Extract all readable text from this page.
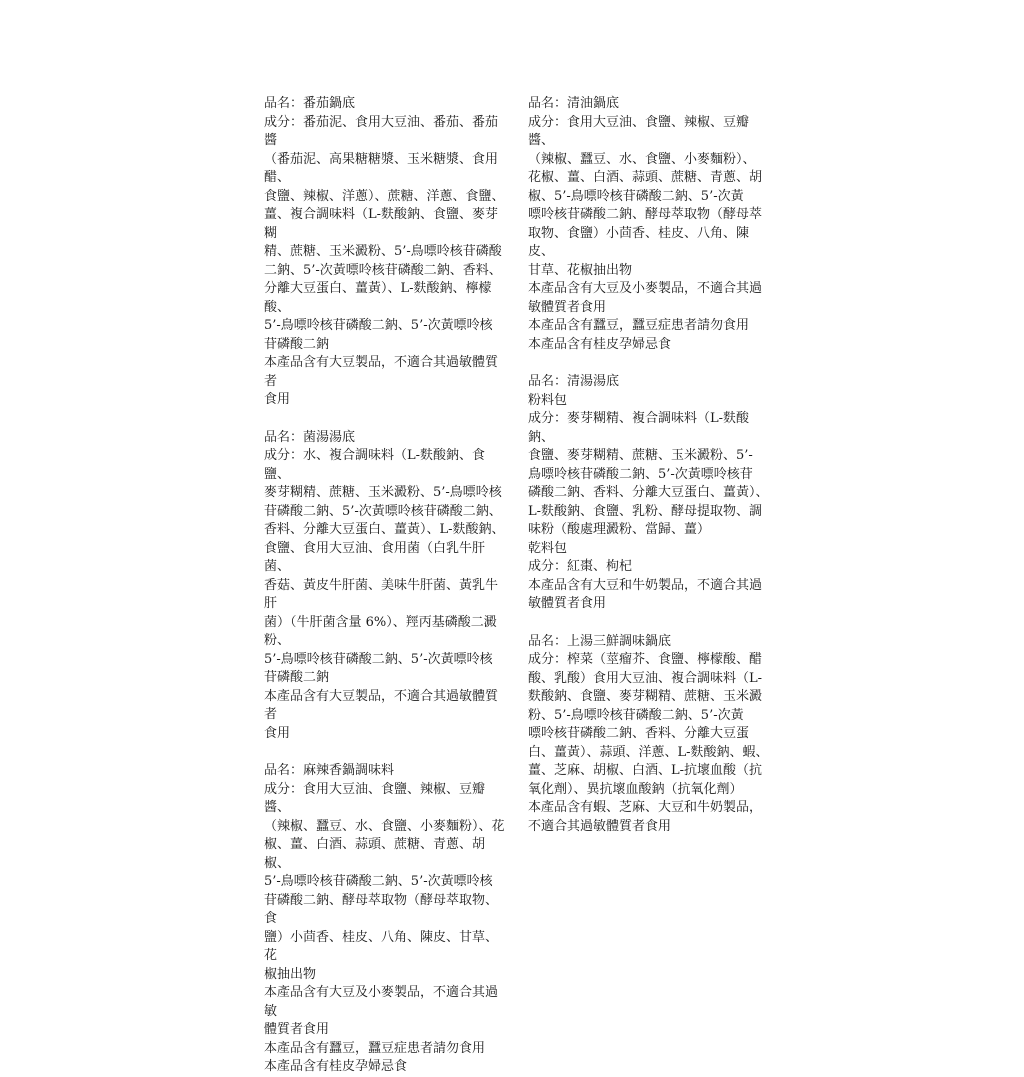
品名：番茄鍋底

成分：番茄泥、食用大豆油、番茄、番茄醬

（番茄泥、高果糖糖漿、玉米糖漿、食用醋、

食鹽、辣椒、洋蔥）、蔗糖、洋蔥、食鹽、

薑、複合調味料（L-麩酸鈉、食鹽、麥芽糊

精、蔗糖、玉米澱粉、5’-鳥嘌呤核苷磷酸

二鈉、5’-次黃嘌呤核苷磷酸二鈉、香料、

分離大豆蛋白、薑黃）、L-麩酸鈉、檸檬酸、

5’-鳥嘌呤核苷磷酸二鈉、5’-次黃嘌呤核

苷磷酸二鈉

本產品含有大豆製品，不適合其過敏體質者

食用

品名：菌湯湯底

成分：水、複合調味料（L-麩酸鈉、食鹽、

麥芽糊精、蔗糖、玉米澱粉、5’-鳥嘌呤核

苷磷酸二鈉、5’-次黃嘌呤核苷磷酸二鈉、

香料、分離大豆蛋白、薑黃）、L-麩酸鈉、

食鹽、食用大豆油、食用菌（白乳牛肝菌、

香菇、黃皮牛肝菌、美味牛肝菌、黃乳牛肝

菌）（牛肝菌含量 6%）、羥丙基磷酸二澱粉、

5’-鳥嘌呤核苷磷酸二鈉、5’-次黃嘌呤核

苷磷酸二鈉

本產品含有大豆製品，不適合其過敏體質者

食用

品名：麻辣香鍋調味料

成分：食用大豆油、食鹽、辣椒、豆瓣醬、

（辣椒、蠶豆、水、食鹽、小麥麵粉）、花

椒、薑、白酒、蒜頭、蔗糖、青蔥、胡椒、

5’-鳥嘌呤核苷磷酸二鈉、5’-次黃嘌呤核

苷磷酸二鈉、酵母萃取物（酵母萃取物、食

鹽）小茴香、桂皮、八角、陳皮、甘草、花

椒抽出物

本產品含有大豆及小麥製品，不適合其過敏

體質者食用

本產品含有蠶豆，蠶豆症患者請勿食用

本產品含有桂皮孕婦忌食

品名：清油鍋底

成分：食用大豆油、食鹽、辣椒、豆瓣醬、

（辣椒、蠶豆、水、食鹽、小麥麵粉）、

花椒、薑、白酒、蒜頭、蔗糖、青蔥、胡

椒、5’-鳥嘌呤核苷磷酸二鈉、5’-次黃

嘌呤核苷磷酸二鈉、酵母萃取物（酵母萃

取物、食鹽）小茴香、桂皮、八角、陳皮、

甘草、花椒抽出物

本產品含有大豆及小麥製品，不適合其過

敏體質者食用

本產品含有蠶豆，蠶豆症患者請勿食用

本產品含有桂皮孕婦忌食

品名：清湯湯底

粉料包

成分：麥芽糊精、複合調味料（L-麩酸鈉、

食鹽、麥芽糊精、蔗糖、玉米澱粉、5’-

鳥嘌呤核苷磷酸二鈉、5’-次黃嘌呤核苷

磷酸二鈉、香料、分離大豆蛋白、薑黃）、

L-麩酸鈉、食鹽、乳粉、酵母提取物、調

味粉（酸處理澱粉、當歸、薑）

乾料包

成分：紅棗、枸杞

本產品含有大豆和牛奶製品，不適合其過

敏體質者食用

品名：上湯三鮮調味鍋底

成分：榨菜（莖瘤芥、食鹽、檸檬酸、醋

酸、乳酸）食用大豆油、複合調味料（L-

麩酸鈉、食鹽、麥芽糊精、蔗糖、玉米澱

粉、5’-鳥嘌呤核苷磷酸二鈉、5’-次黃

嘌呤核苷磷酸二鈉、香料、分離大豆蛋

白、薑黃）、蒜頭、洋蔥、L-麩酸鈉、蝦、

薑、芝麻、胡椒、白酒、L-抗壞血酸（抗

氧化劑）、異抗壞血酸鈉（抗氧化劑）

本產品含有蝦、芝麻、大豆和牛奶製品，

不適合其過敏體質者食用
